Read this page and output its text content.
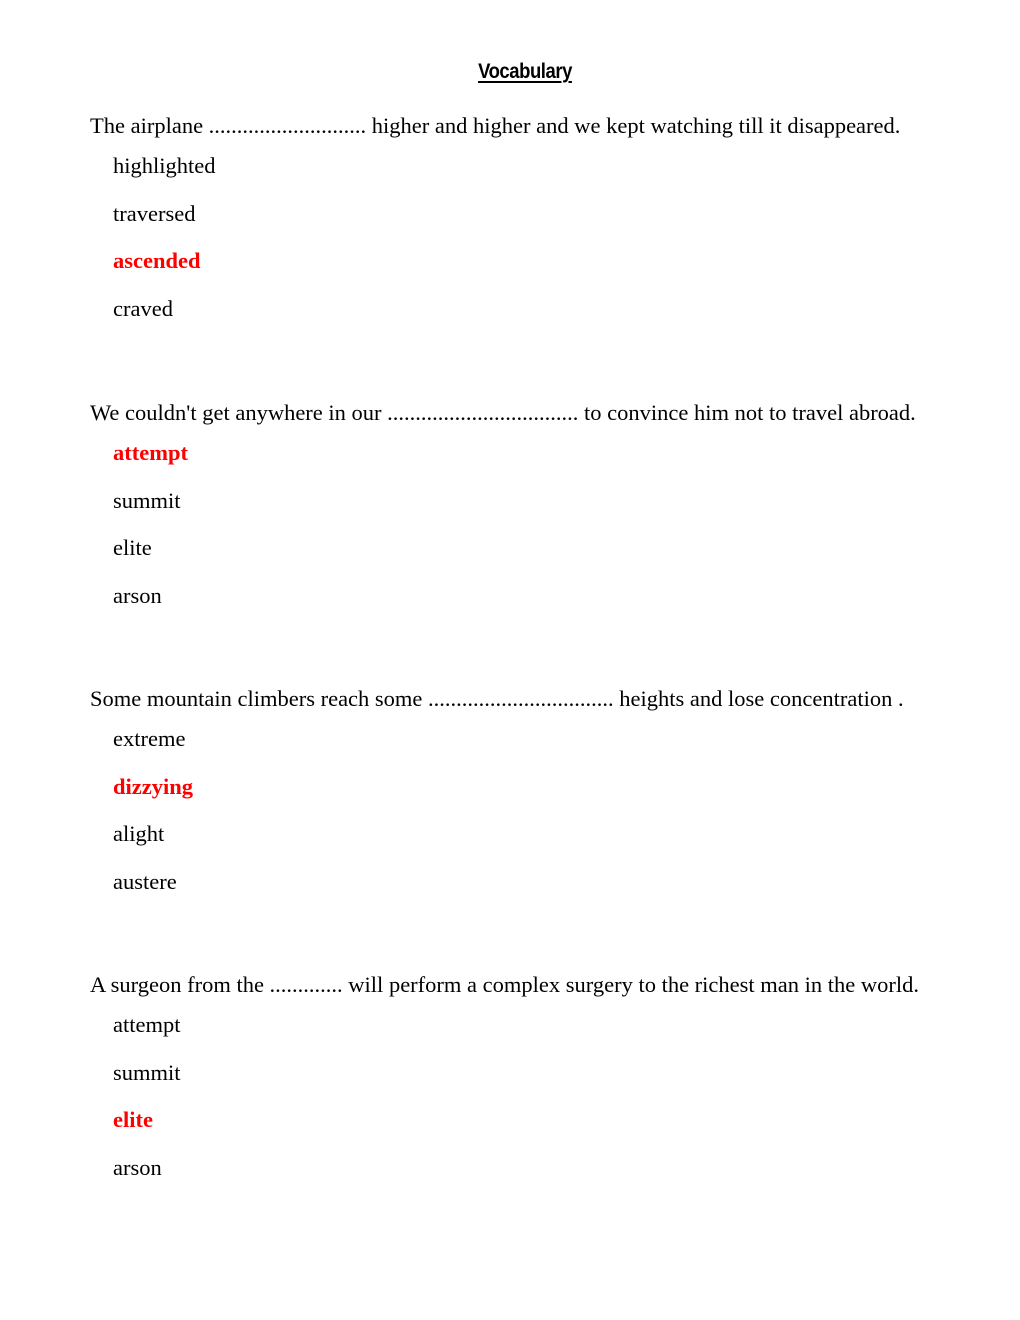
Vocabulary
The airplane ............................ higher and higher and we kept watching till it disappeared.
highlighted
traversed
ascended
craved
We couldn't get anywhere in our .................................. to convince him not to travel abroad.
attempt
summit
elite
arson
Some mountain climbers reach some ................................. heights and lose concentration .
extreme
dizzying
alight
austere
A surgeon from the ............. will perform a complex surgery to the richest man in the world.
attempt
summit
elite
arson
